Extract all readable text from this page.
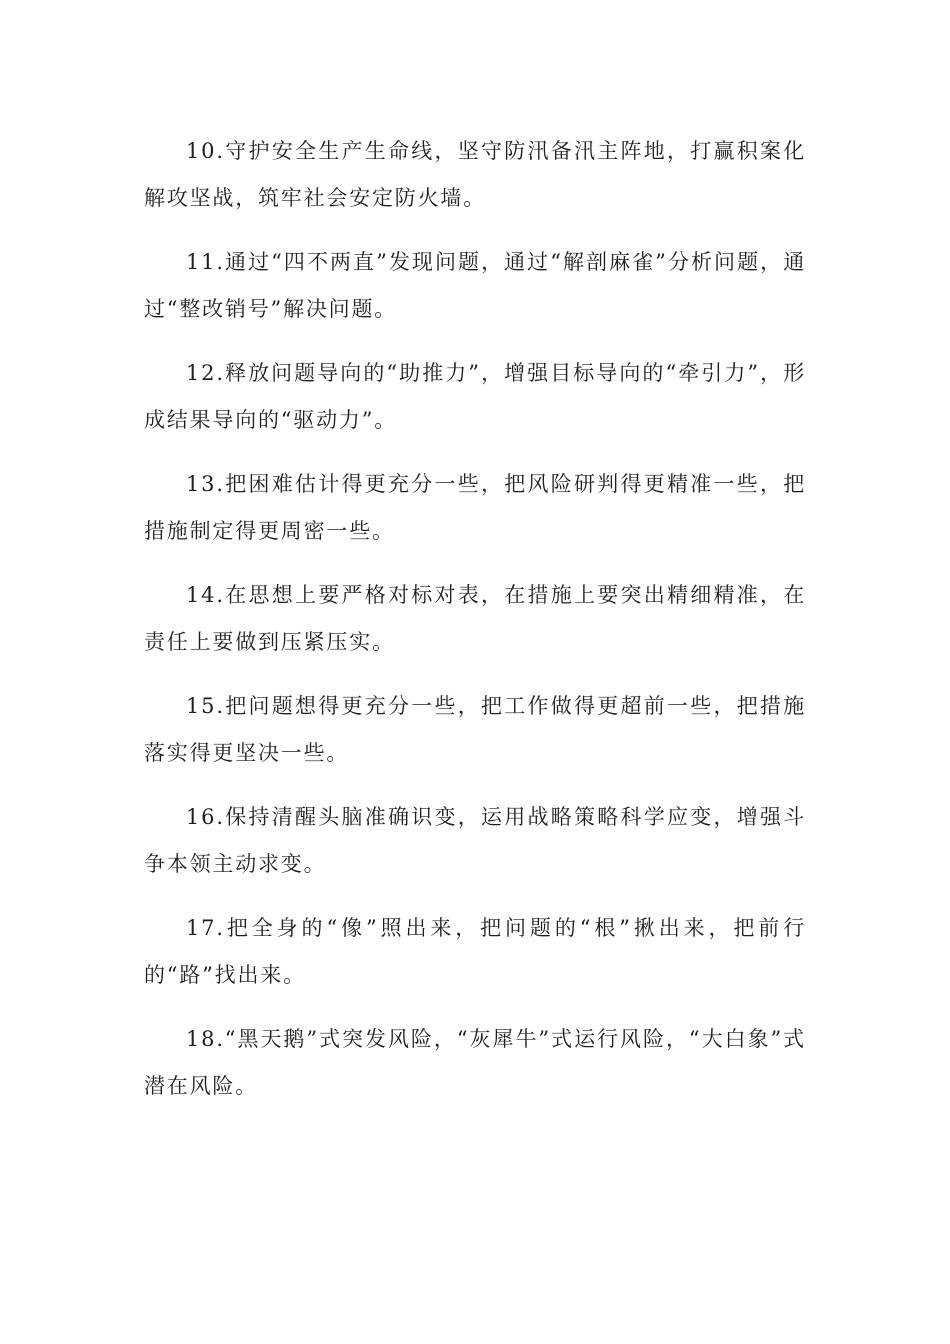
10.守护安全生产生命线，坚守防汛备汛主阵地，打赢积案化解攻坚战，筑牢社会安定防火墙。

11.通过“四不两直”发现问题，通过“解剖麻雀”分析问题，通过“整改销号”解决问题。

12.释放问题导向的“助推力”，增强目标导向的“牵引力”，形成结果导向的“驱动力”。

13.把困难估计得更充分一些，把风险研判得更精准一些，把措施制定得更周密一些。

14.在思想上要严格对标对表，在措施上要突出精细精准，在责任上要做到压紧压实。

15.把问题想得更充分一些，把工作做得更超前一些，把措施落实得更坚决一些。

16.保持清醒头脑准确识变，运用战略策略科学应变，增强斗争本领主动求变。

17.把全身的“像”照出来，把问题的“根”揪出来，把前行的“路”找出来。

18.“黑天鹅”式突发风险，“灰犀牛”式运行风险，“大白象”式潜在风险。
